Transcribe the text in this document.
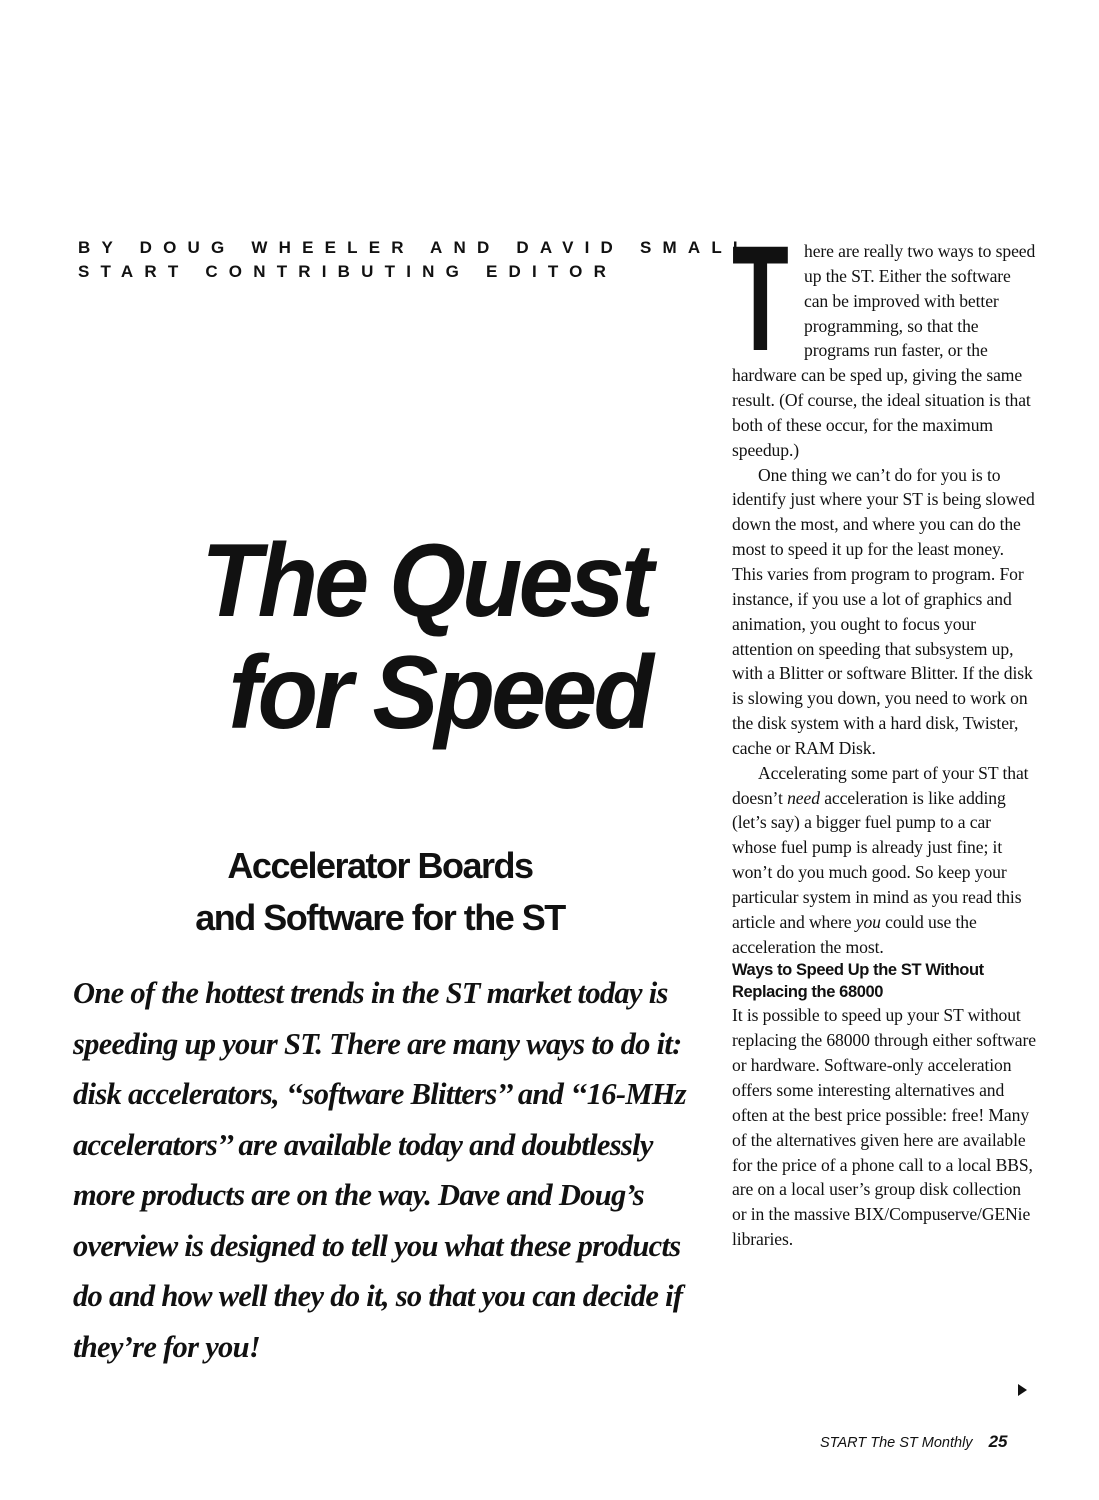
BY DOUG WHEELER AND DAVID SMALL
START CONTRIBUTING EDITOR
The Quest
for Speed
Accelerator Boards
and Software for the ST
One of the hottest trends in the ST market today is speeding up your ST. There are many ways to do it: disk accelerators, ‘‘software Blitters’’ and ‘‘16-MHz accelerators’’ are available today and doubtlessly more products are on the way. Dave and Doug’s overview is designed to tell you what these products do and how well they do it, so that you can decide if they’re for you!
T here are really two ways to speed up the ST. Either the software can be improved with better programming, so that the programs run faster, or the hardware can be sped up, giving the same result. (Of course, the ideal situation is that both of these occur, for the maximum speedup.)

One thing we can’t do for you is to identify just where your ST is being slowed down the most, and where you can do the most to speed it up for the least money. This varies from program to program. For instance, if you use a lot of graphics and animation, you ought to focus your attention on speeding that subsystem up, with a Blitter or software Blitter. If the disk is slowing you down, you need to work on the disk system with a hard disk, Twister, cache or RAM Disk.

Accelerating some part of your ST that doesn’t need acceleration is like adding (let’s say) a bigger fuel pump to a car whose fuel pump is already just fine; it won’t do you much good. So keep your particular system in mind as you read this article and where you could use the acceleration the most.

Ways to Speed Up the ST Without Replacing the 68000

It is possible to speed up your ST without replacing the 68000 through either software or hardware. Software-only acceleration offers some interesting alternatives and often at the best price possible: free! Many of the alternatives given here are available for the price of a phone call to a local BBS, are on a local user’s group disk collection or in the massive BIX/Compuserve/GENie libraries.

START The ST Monthly 25
